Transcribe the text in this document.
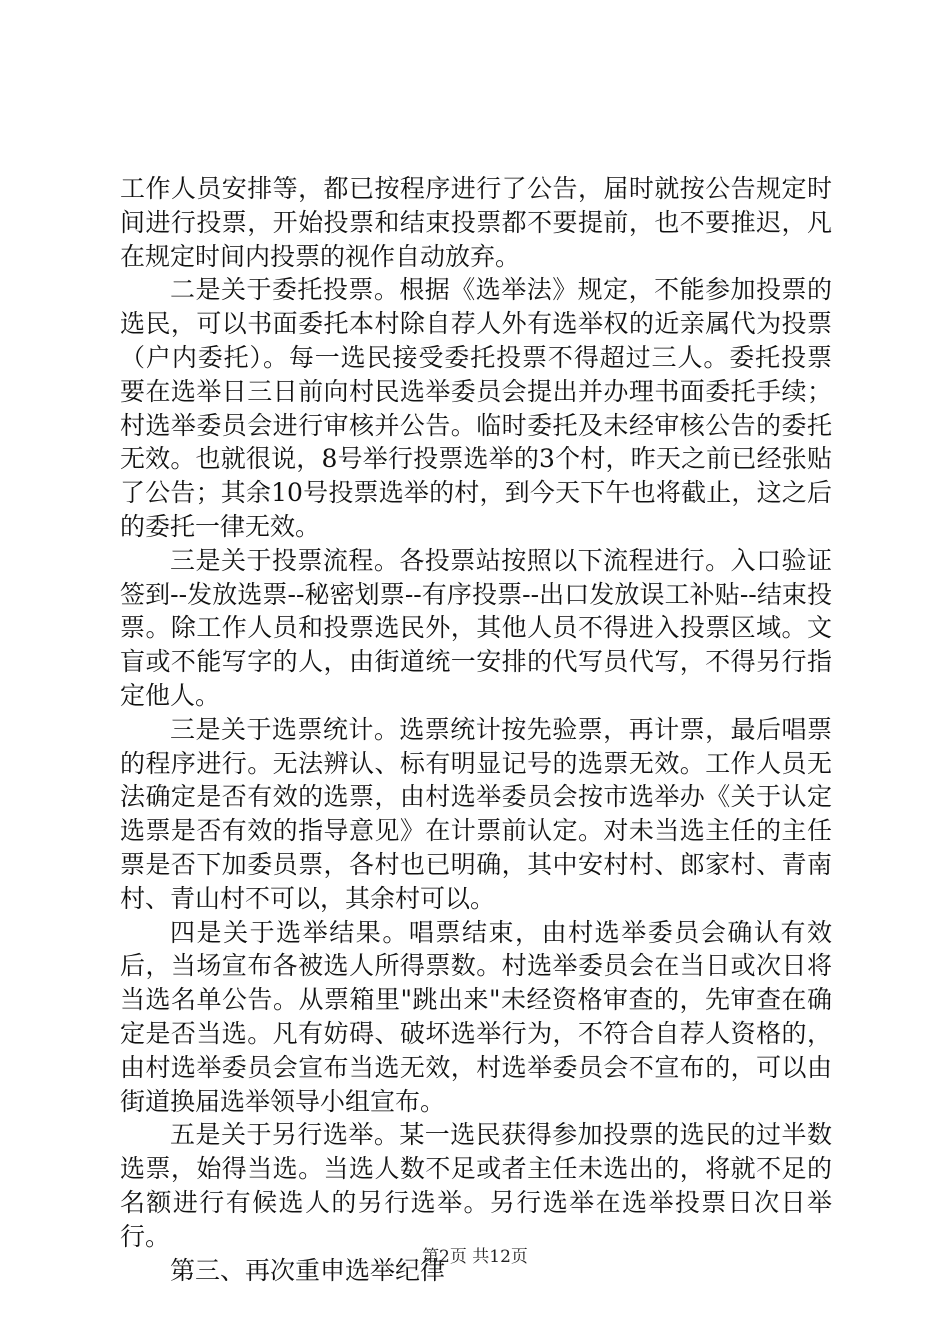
工作人员安排等，都已按程序进行了公告，届时就按公告规定时间进行投票，开始投票和结束投票都不要提前，也不要推迟，凡在规定时间内投票的视作自动放弃。

二是关于委托投票。根据《选举法》规定，不能参加投票的选民，可以书面委托本村除自荐人外有选举权的近亲属代为投票（户内委托）。每一选民接受委托投票不得超过三人。委托投票要在选举日三日前向村民选举委员会提出并办理书面委托手续；村选举委员会进行审核并公告。临时委托及未经审核公告的委托无效。也就很说，8号举行投票选举的3个村，昨天之前已经张贴了公告；其余10号投票选举的村，到今天下午也将截止，这之后的委托一律无效。

三是关于投票流程。各投票站按照以下流程进行。入口验证签到--发放选票--秘密划票--有序投票--出口发放误工补贴--结束投票。除工作人员和投票选民外，其他人员不得进入投票区域。文盲或不能写字的人，由街道统一安排的代写员代写，不得另行指定他人。

三是关于选票统计。选票统计按先验票，再计票，最后唱票的程序进行。无法辨认、标有明显记号的选票无效。工作人员无法确定是否有效的选票，由村选举委员会按市选举办《关于认定选票是否有效的指导意见》在计票前认定。对未当选主任的主任票是否下加委员票，各村也已明确，其中安村村、郎家村、青南村、青山村不可以，其余村可以。

四是关于选举结果。唱票结束，由村选举委员会确认有效后，当场宣布各被选人所得票数。村选举委员会在当日或次日将当选名单公告。从票箱里"跳出来"未经资格审查的，先审查在确定是否当选。凡有妨碍、破坏选举行为，不符合自荐人资格的，由村选举委员会宣布当选无效，村选举委员会不宣布的，可以由街道换届选举领导小组宣布。

五是关于另行选举。某一选民获得参加投票的选民的过半数选票，始得当选。当选人数不足或者主任未选出的，将就不足的名额进行有候选人的另行选举。另行选举在选举投票日次日举行。

第三、再次重申选举纪律

第2页 共12页
